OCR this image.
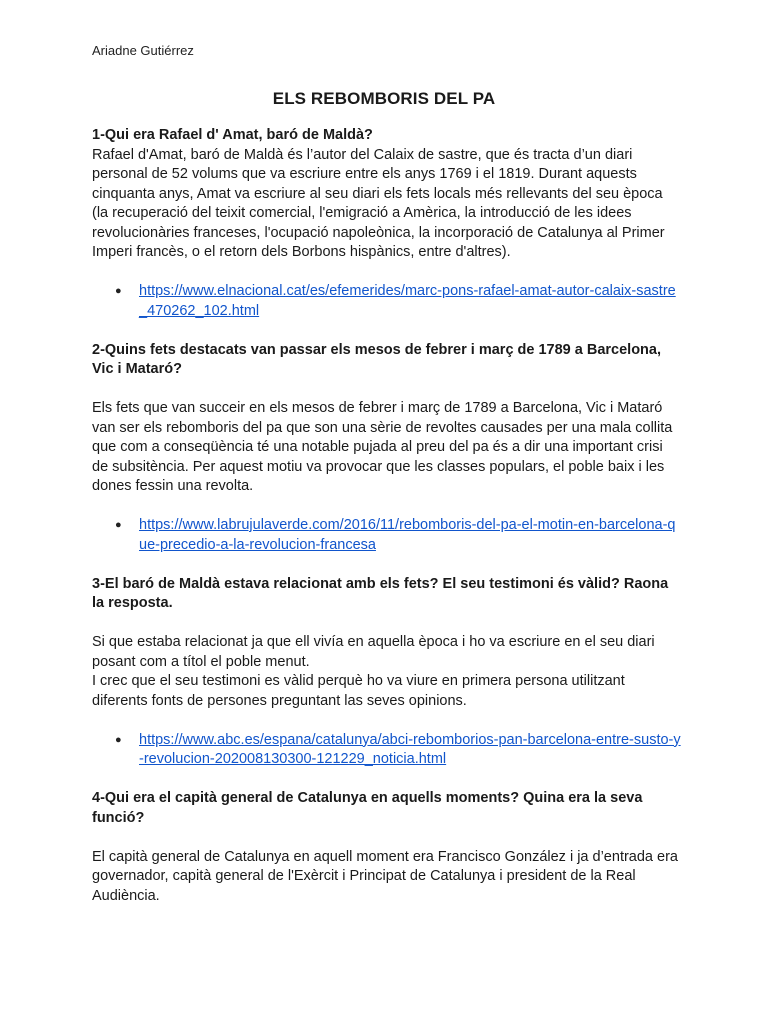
Ariadne Gutiérrez
ELS REBOMBORIS DEL PA

1-Qui era Rafael d' Amat, baró de Maldà?

Rafael d'Amat, baró de Maldà és l’autor del Calaix de sastre, que és tracta d’un diari personal de 52 volums que va escriure entre els anys 1769 i el 1819. Durant aquests cinquanta anys, Amat va escriure al seu diari els fets locals més rellevants del seu època (la recuperació del teixit comercial, l'emigració a Amèrica, la introducció de les idees revolucionàries franceses, l'ocupació napoleònica, la incorporació de Catalunya al Primer Imperi francès, o el retorn dels Borbons hispànics, entre d'altres).

● https://www.elnacional.cat/es/efemerides/marc-pons-rafael-amat-autor-calaix-sastre_470262_102.html

2-Quins fets destacats van passar els mesos de febrer i març de 1789 a Barcelona, Vic i Mataró?

Els fets que van succeir en els mesos de febrer i març de 1789 a Barcelona, Vic i Mataró van ser els rebomboris del pa que son una sèrie de revoltes causades per una mala collita que com a conseqüència té una notable pujada al preu del pa és a dir una important crisi de subsitència. Per aquest motiu va provocar que les classes populars, el poble baix i les dones fessin una revolta.

● https://www.labrujulaverde.com/2016/11/rebomboris-del-pa-el-motin-en-barcelona-que-precedio-a-la-revolucion-francesa

3-El baró de Maldà estava relacionat amb els fets? El seu testimoni és vàlid? Raona la resposta.

Si que estaba relacionat ja que ell vivía en aquella època i ho va escriure en el seu diari posant com a títol el poble menut.

I crec que el seu testimoni es vàlid perquè ho va viure en primera persona utilitzant diferents fonts de persones preguntant las seves opinions.

● https://www.abc.es/espana/catalunya/abci-rebomborios-pan-barcelona-entre-susto-y-revolucion-202008130300-121229_noticia.html

4-Qui era el capità general de Catalunya en aquells moments? Quina era la seva funció?

El capità general de Catalunya en aquell moment era Francisco González i ja d’entrada era governador, capità general de l'Exèrcit i Principat de Catalunya i president de la Real Audiència.
